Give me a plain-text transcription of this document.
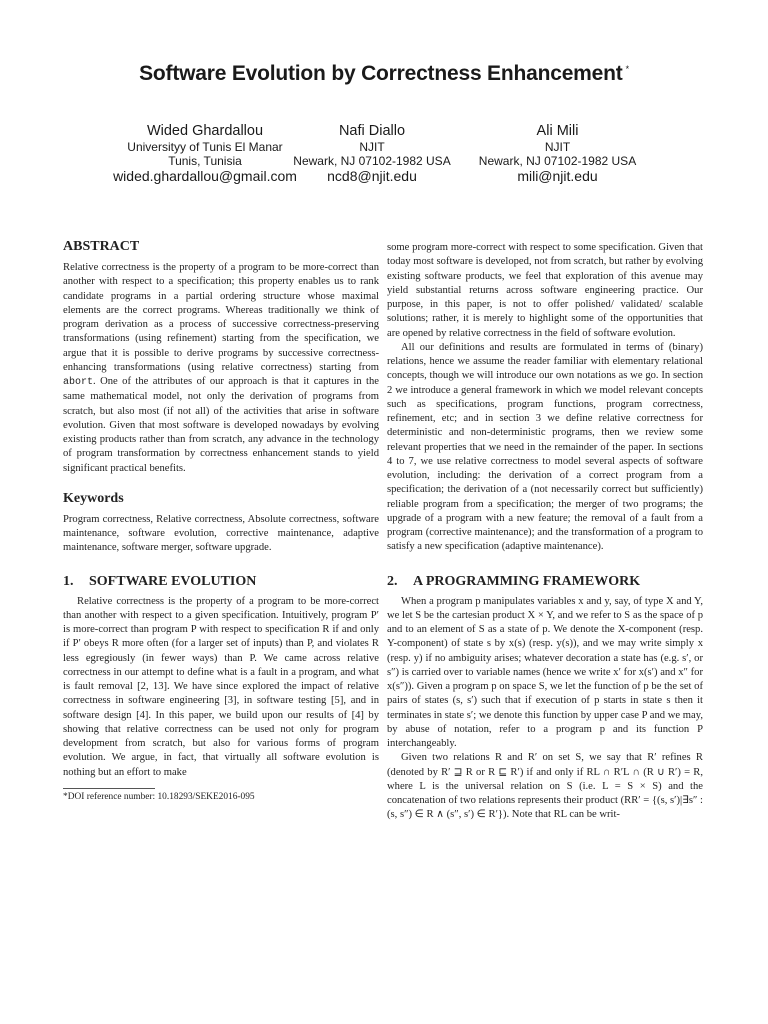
Software Evolution by Correctness Enhancement *
Wided Ghardallou
Universityy of Tunis El Manar
Tunis, Tunisia
wided.ghardallou@gmail.com
Nafi Diallo
NJIT
Newark, NJ 07102-1982 USA
ncd8@njit.edu
Ali Mili
NJIT
Newark, NJ 07102-1982 USA
mili@njit.edu
ABSTRACT

Relative correctness is the property of a program to be more-correct than another with respect to a specification; this property enables us to rank candidate programs in a partial ordering structure whose maximal elements are the correct programs. Whereas traditionally we think of program derivation as a process of successive correctness-preserving transformations (using refinement) starting from the specification, we argue that it is possible to derive programs by successive correctness-enhancing transformations (using relative correctness) starting from abort. One of the attributes of our approach is that it captures in the same mathematical model, not only the derivation of programs from scratch, but also most (if not all) of the activities that arise in software evolution. Given that most software is developed nowadays by evolving existing products rather than from scratch, any advance in the technology of program transformation by correctness enhancement stands to yield significant practical benefits.

Keywords

Program correctness, Relative correctness, Absolute correctness, software maintenance, software evolution, corrective maintenance, adaptive maintenance, software merger, software upgrade.

1. SOFTWARE EVOLUTION

Relative correctness is the property of a program to be more-correct than another with respect to a given specification. Intuitively, program P′ is more-correct than program P with respect to specification R if and only if P′ obeys R more often (for a larger set of inputs) than P, and violates R less egregiously (in fewer ways) than P. We came across relative correctness in our attempt to define what is a fault in a program, and what is fault removal [2, 13]. We have since explored the impact of relative correctness in software engineering [3], in software testing [5], and in software design [4]. In this paper, we build upon our results of [4] by showing that relative correctness can be used not only for program development from scratch, but also for various forms of program evolution. We argue, in fact, that virtually all software evolution is nothing but an effort to make

*DOI reference number: 10.18293/SEKE2016-095

some program more-correct with respect to some specification. Given that today most software is developed, not from scratch, but rather by evolving existing software products, we feel that exploration of this avenue may yield substantial returns across software engineering practice. Our purpose, in this paper, is not to offer polished/ validated/ scalable solutions; rather, it is merely to highlight some of the opportunities that are opened by relative correctness in the field of software evolution.

All our definitions and results are formulated in terms of (binary) relations, hence we assume the reader familiar with elementary relational concepts, though we will introduce our own notations as we go. In section 2 we introduce a general framework in which we model relevant concepts such as specifications, program functions, program correctness, refinement, etc; and in section 3 we define relative correctness for deterministic and non-deterministic programs, then we review some relevant properties that we need in the remainder of the paper. In sections 4 to 7, we use relative correctness to model several aspects of software evolution, including: the derivation of a correct program from a specification; the derivation of a (not necessarily correct but sufficiently) reliable program from a specification; the merger of two programs; the upgrade of a program with a new feature; the removal of a fault from a program (corrective maintenance); and the transformation of a program to satisfy a new specification (adaptive maintenance).

2. A PROGRAMMING FRAMEWORK

When a program p manipulates variables x and y, say, of type X and Y, we let S be the cartesian product X × Y, and we refer to S as the space of p and to an element of S as a state of p. We denote the X-component (resp. Y-component) of state s by x(s) (resp. y(s)), and we may write simply x (resp. y) if no ambiguity arises; whatever decoration a state has (e.g. s′, or s″) is carried over to variable names (hence we write x′ for x(s′) and x″ for x(s″)). Given a program p on space S, we let the function of p be the set of pairs of states (s, s′) such that if execution of p starts in state s then it terminates in state s′; we denote this function by upper case P and we may, by abuse of notation, refer to a program p and its function P interchangeably.

Given two relations R and R′ on set S, we say that R′ refines R (denoted by R′ ⊒ R or R ⊑ R′) if and only if RL ∩ R′L ∩ (R ∪ R′) = R, where L is the universal relation on S (i.e. L = S × S) and the concatenation of two relations represents their product (RR′ = {(s, s′)|∃s″ : (s, s″) ∈ R ∧ (s″, s′) ∈ R′}). Note that RL can be writ-
